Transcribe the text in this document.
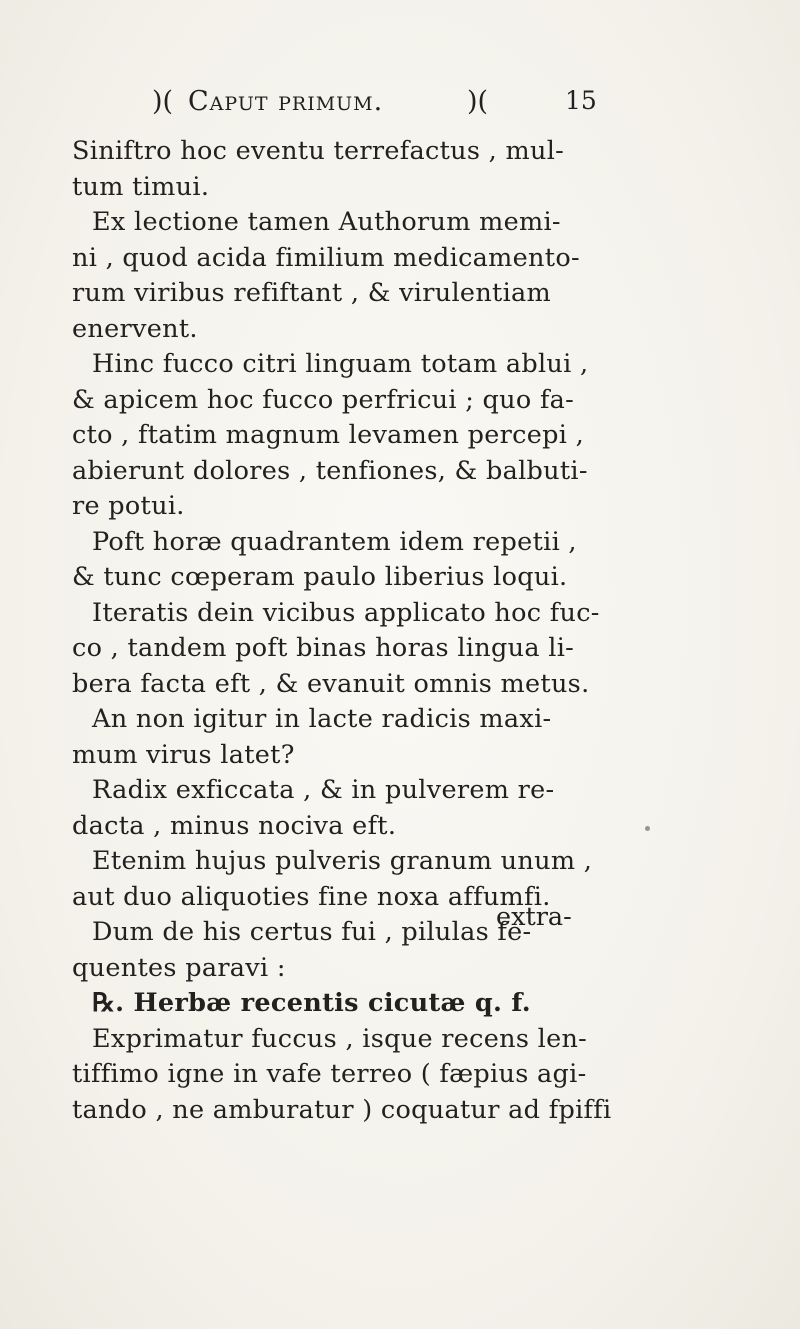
)( Caput primum.	)(	15
Siniftro hoc eventu terrefactus , mul-
tum timui.
Ex lectione tamen Authorum memi-
ni , quod acida fimilium medicamento-
rum viribus refiftant , & virulentiam
enervent.
Hinc fucco citri linguam totam ablui ,
& apicem hoc fucco perfricui ; quo fa-
cto , ftatim magnum levamen percepi ,
abierunt dolores , tenfiones, & balbuti-
re potui.
Poft horæ quadrantem idem repetii ,
& tunc cœperam paulo liberius loqui.
Iteratis dein vicibus applicato hoc fuc-
co , tandem poft binas horas lingua li-
bera facta eft , & evanuit omnis metus.
An non igitur in lacte radicis maxi-
mum virus latet?
Radix exficcata , & in pulverem re-
dacta , minus nociva eft.
Etenim hujus pulveris granum unum ,
aut duo aliquoties fine noxa affumfi.
Dum de his certus fui , pilulas fe-
quentes paravi :
℞. Herbæ recentis cicutæ q. f.
Exprimatur fuccus , isque recens len-
tiffimo igne in vafe terreo ( fæpius agi-
tando , ne amburatur ) coquatur ad fpiffi
extra-
